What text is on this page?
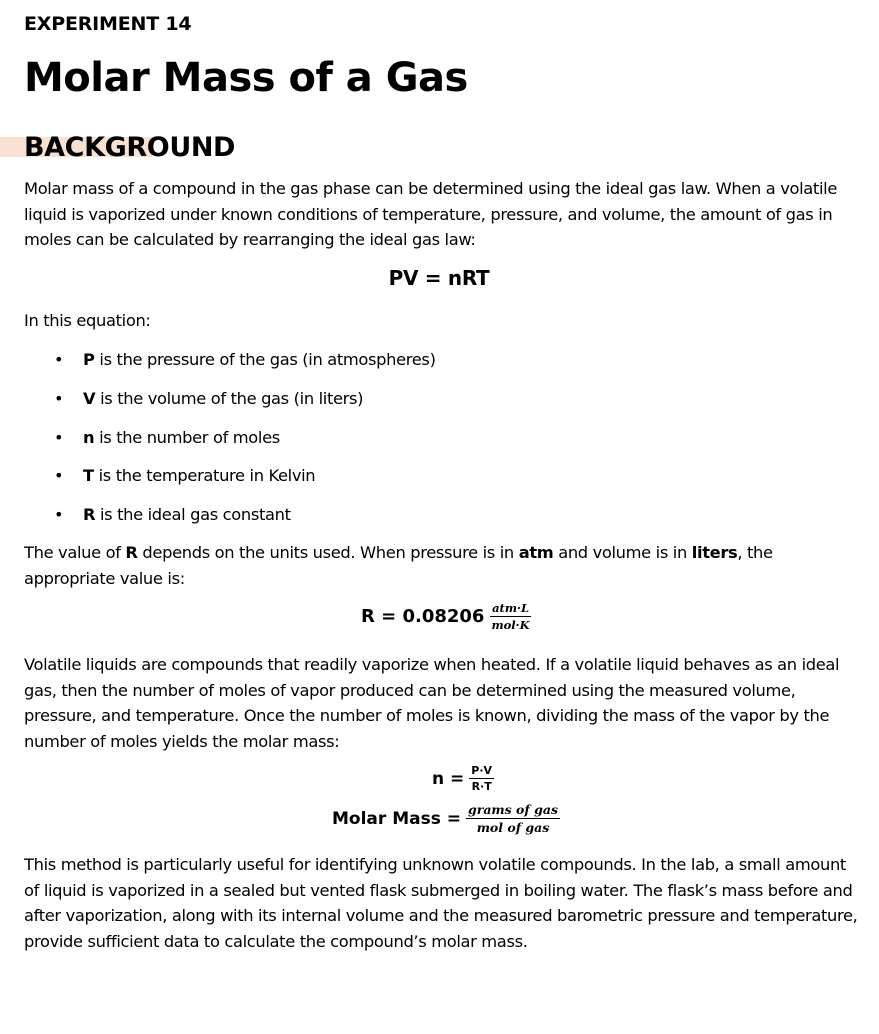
EXPERIMENT 14
Molar Mass of a Gas
BACKGROUND

Molar mass of a compound in the gas phase can be determined using the ideal gas law. When a volatile liquid is vaporized under known conditions of temperature, pressure, and volume, the amount of gas in moles can be calculated by rearranging the ideal gas law:

PV = nRT
In this equation:
• P is the pressure of the gas (in atmospheres)
• V is the volume of the gas (in liters)
• n is the number of moles
• T is the temperature in Kelvin
• R is the ideal gas constant

The value of R depends on the units used. When pressure is in atm and volume is in liters, the appropriate value is:

$R = 0.08206 \frac{\text{atm·L}}{\text{mol·K}}$

Volatile liquids are compounds that readily vaporize when heated. If a volatile liquid behaves as an ideal gas, then the number of moles of vapor produced can be determined using the measured volume, pressure, and temperature. Once the number of moles is known, dividing the mass of the vapor by the number of moles yields the molar mass:

$n = \frac{P\cdot V}{R\cdot T}$
Molar Mass = $\frac{\text{grams of gas}}{\text{mol of gas}}$

This method is particularly useful for identifying unknown volatile compounds. In the lab, a small amount of liquid is vaporized in a sealed but vented flask submerged in boiling water. The flask’s mass before and after vaporization, along with its internal volume and the measured barometric pressure and temperature, provide sufficient data to calculate the compound’s molar mass.
